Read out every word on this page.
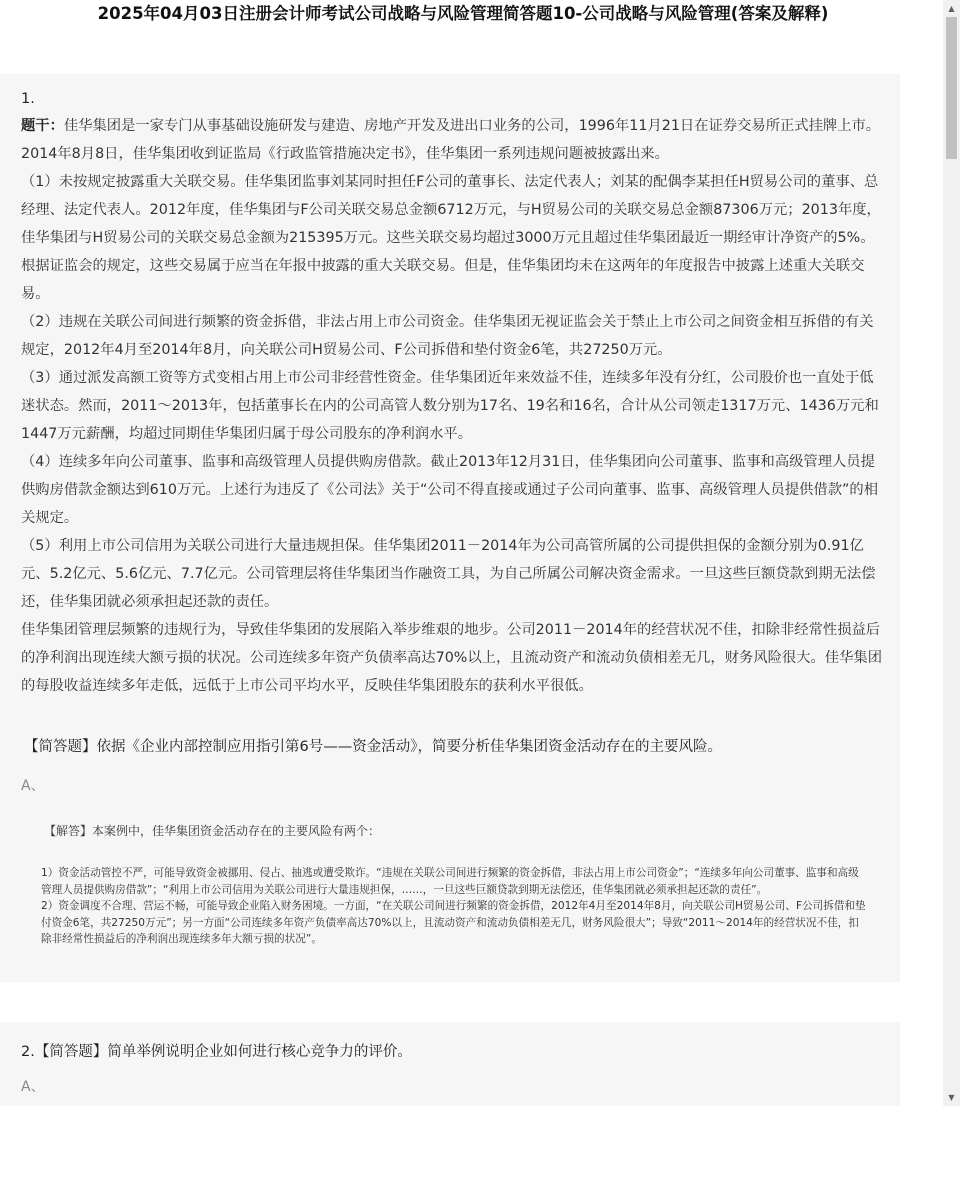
2025年04月03日注册会计师考试公司战略与风险管理简答题10-公司战略与风险管理(答案及解释)
1.

题干：佳华集团是一家专门从事基础设施研发与建造、房地产开发及进出口业务的公司，1996年11月21日在证券交易所正式挂牌上市。2014年8月8日，佳华集团收到证监局《行政监管措施决定书》，佳华集团一系列违规问题被披露出来。

（1）未按规定披露重大关联交易。佳华集团监事刘某同时担任F公司的董事长、法定代表人；刘某的配偶李某担任H贸易公司的董事、总经理、法定代表人。2012年度，佳华集团与F公司关联交易总金额6712万元，与H贸易公司的关联交易总金额87306万元；2013年度，佳华集团与H贸易公司的关联交易总金额为215395万元。这些关联交易均超过3000万元且超过佳华集团最近一期经审计净资产的5%。根据证监会的规定，这些交易属于应当在年报中披露的重大关联交易。但是，佳华集团均未在这两年的年度报告中披露上述重大关联交易。

（2）违规在关联公司间进行频繁的资金拆借，非法占用上市公司资金。佳华集团无视证监会关于禁止上市公司之间资金相互拆借的有关规定，2012年4月至2014年8月，向关联公司H贸易公司、F公司拆借和垫付资金6笔，共27250万元。

（3）通过派发高额工资等方式变相占用上市公司非经营性资金。佳华集团近年来效益不佳，连续多年没有分红，公司股价也一直处于低迷状态。然而，2011～2013年，包括董事长在内的公司高管人数分别为17名、19名和16名，合计从公司领走1317万元、1436万元和1447万元薪酬，均超过同期佳华集团归属于母公司股东的净利润水平。

（4）连续多年向公司董事、监事和高级管理人员提供购房借款。截止2013年12月31日，佳华集团向公司董事、监事和高级管理人员提供购房借款金额达到610万元。上述行为违反了《公司法》关于“公司不得直接或通过子公司向董事、监事、高级管理人员提供借款”的相关规定。

（5）利用上市公司信用为关联公司进行大量违规担保。佳华集团2011－2014年为公司高管所属的公司提供担保的金额分别为0.91亿元、5.2亿元、5.6亿元、7.7亿元。公司管理层将佳华集团当作融资工具，为自己所属公司解决资金需求。一旦这些巨额贷款到期无法偿还，佳华集团就必须承担起还款的责任。

佳华集团管理层频繁的违规行为，导致佳华集团的发展陷入举步维艰的地步。公司2011－2014年的经营状况不佳，扣除非经常性损益后的净利润出现连续大额亏损的状况。公司连续多年资产负债率高达70%以上，且流动资产和流动负债相差无几，财务风险很大。佳华集团的每股收益连续多年走低，远低于上市公司平均水平，反映佳华集团股东的获利水平很低。

【简答题】依据《企业内部控制应用指引第6号——资金活动》，简要分析佳华集团资金活动存在的主要风险。
A、
【解答】本案例中，佳华集团资金活动存在的主要风险有两个：

1）资金活动管控不严，可能导致资金被挪用、侵占、抽逃或遭受欺诈。“违规在关联公司间进行频繁的资金拆借，非法占用上市公司资金”；“连续多年向公司董事、监事和高级管理人员提供购房借款”；“利用上市公司信用为关联公司进行大量违规担保，……，一旦这些巨额贷款到期无法偿还，佳华集团就必须承担起还款的责任”。

2）资金调度不合理、营运不畅，可能导致企业陷入财务困境。一方面，“在关联公司间进行频繁的资金拆借，2012年4月至2014年8月，向关联公司H贸易公司、F公司拆借和垫付资金6笔，共27250万元”；另一方面“公司连续多年资产负债率高达70%以上，且流动资产和流动负债相差无几，财务风险很大”；导致“2011～2014年的经营状况不佳，扣除非经常性损益后的净利润出现连续多年大额亏损的状况”。

2.【简答题】简单举例说明企业如何进行核心竞争力的评价。
A、
▲
▼
